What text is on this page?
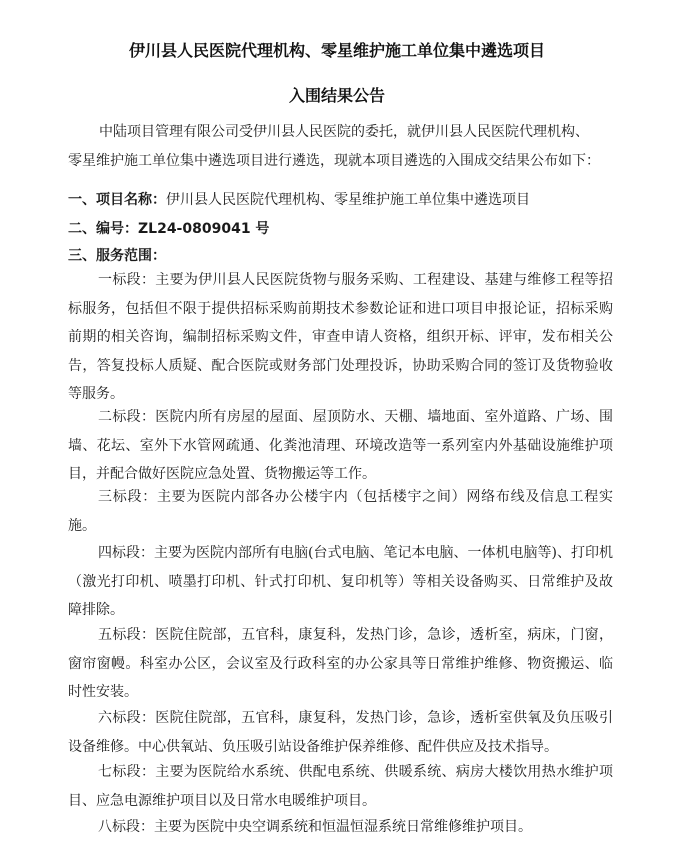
伊川县人民医院代理机构、零星维护施工单位集中遴选项目
入围结果公告
中陆项目管理有限公司受伊川县人民医院的委托，就伊川县人民医院代理机构、
零星维护施工单位集中遴选项目进行遴选，现就本项目遴选的入围成交结果公布如下：
一、项目名称：伊川县人民医院代理机构、零星维护施工单位集中遴选项目
二、编号：ZL24-0809041 号
三、服务范围：
一标段：主要为伊川县人民医院货物与服务采购、工程建设、基建与维修工程等招标服务，包括但不限于提供招标采购前期技术参数论证和进口项目申报论证，招标采购前期的相关咨询，编制招标采购文件，审查申请人资格，组织开标、评审，发布相关公告，答复投标人质疑、配合医院或财务部门处理投诉，协助采购合同的签订及货物验收等服务。
二标段：医院内所有房屋的屋面、屋顶防水、天棚、墙地面、室外道路、广场、围墙、花坛、室外下水管网疏通、化粪池清理、环境改造等一系列室内外基础设施维护项目，并配合做好医院应急处置、货物搬运等工作。
三标段：主要为医院内部各办公楼宇内（包括楼宇之间）网络布线及信息工程实施。
四标段：主要为医院内部所有电脑(台式电脑、笔记本电脑、一体机电脑等)、打印机（激光打印机、喷墨打印机、针式打印机、复印机等）等相关设备购买、日常维护及故障排除。
五标段：医院住院部，五官科，康复科，发热门诊，急诊，透析室，病床，门窗，窗帘窗幔。科室办公区，会议室及行政科室的办公家具等日常维护维修、物资搬运、临时性安装。
六标段：医院住院部，五官科，康复科，发热门诊，急诊，透析室供氧及负压吸引设备维修。中心供氧站、负压吸引站设备维护保养维修、配件供应及技术指导。
七标段：主要为医院给水系统、供配电系统、供暖系统、病房大楼饮用热水维护项目、应急电源维护项目以及日常水电暖维护项目。
八标段：主要为医院中央空调系统和恒温恒湿系统日常维修维护项目。
